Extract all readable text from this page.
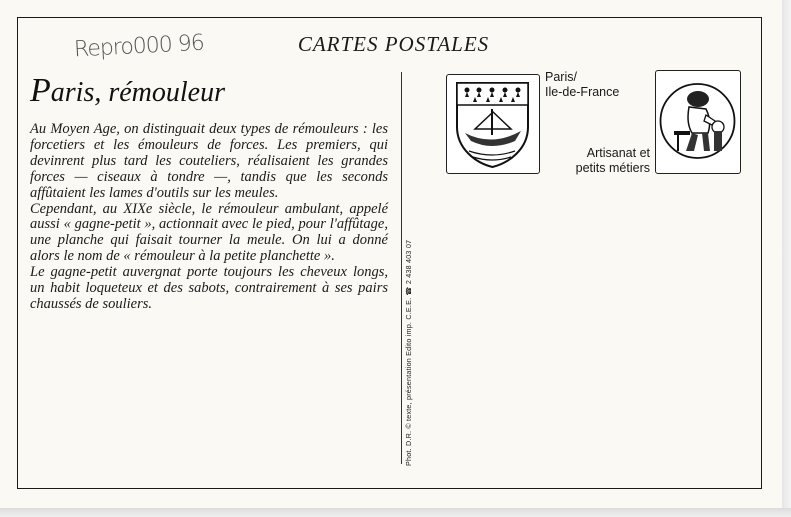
CARTES POSTALES
Repro000 96
Paris, rémouleur

Au Moyen Age, on distinguait deux types de rémouleurs : les forcetiers et les émouleurs de forces. Les premiers, qui devinrent plus tard les couteliers, réalisaient les grandes forces — ciseaux à tondre —, tandis que les seconds affûtaient les lames d'outils sur les meules.

Cependant, au XIXe siècle, le rémouleur ambulant, appelé aussi « gagne-petit », actionnait avec le pied, pour l'affûtage, une planche qui faisait tourner la meule. On lui a donné alors le nom de « rémouleur à la petite planchette ».

Le gagne-petit auvergnat porte toujours les cheveux longs, un habit loqueteux et des sabots, contrairement à ses pairs chaussés de souliers.	Phot. D.R. © texte, présentation Edito imp. C.E.E. ☎ 2 438 403 07
Paris/
Ile-de-France
Artisanat et
petits métiers
